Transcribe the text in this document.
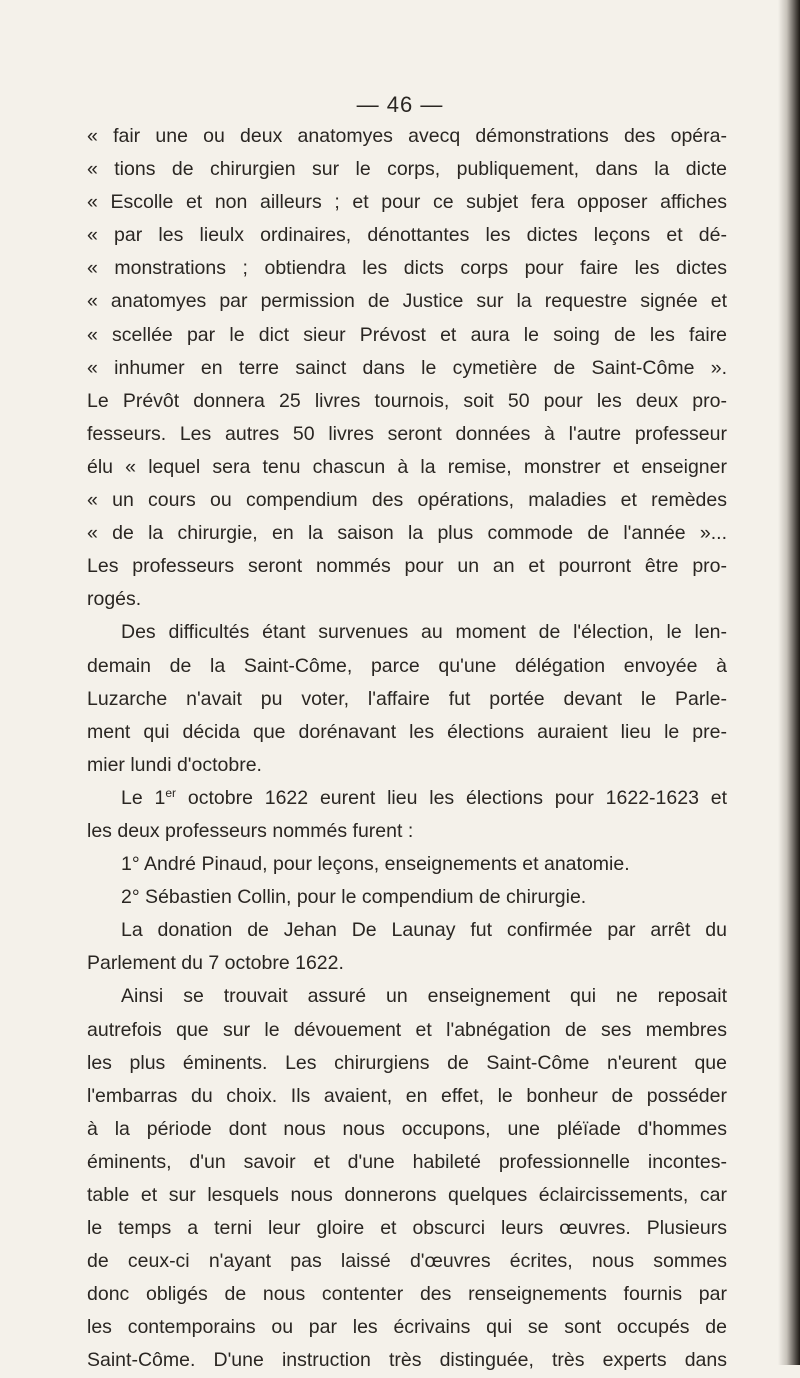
— 46 —
« fair une ou deux anatomyes avecq démonstrations des opéra-
« tions de chirurgien sur le corps, publiquement, dans la dicte
« Escolle et non ailleurs ; et pour ce subjet fera opposer affiches
« par les lieulx ordinaires, dénottantes les dictes leçons et dé-
« monstrations ; obtiendra les dicts corps pour faire les dictes
« anatomyes par permission de Justice sur la requestre signée et
« scellée par le dict sieur Prévost et aura le soing de les faire
« inhumer en terre sainct dans le cymetière de Saint-Côme ».
Le Prévôt donnera 25 livres tournois, soit 50 pour les deux pro-
fesseurs. Les autres 50 livres seront données à l'autre professeur
élu « lequel sera tenu chascun à la remise, monstrer et enseigner
« un cours ou compendium des opérations, maladies et remèdes
« de la chirurgie, en la saison la plus commode de l'année »...
Les professeurs seront nommés pour un an et pourront être pro-
rogés.
Des difficultés étant survenues au moment de l'élection, le len-
demain de la Saint-Côme, parce qu'une délégation envoyée à
Luzarche n'avait pu voter, l'affaire fut portée devant le Parle-
ment qui décida que dorénavant les élections auraient lieu le pre-
mier lundi d'octobre.
Le 1er octobre 1622 eurent lieu les élections pour 1622-1623 et
les deux professeurs nommés furent :
1° André Pinaud, pour leçons, enseignements et anatomie.
2° Sébastien Collin, pour le compendium de chirurgie.
La donation de Jehan De Launay fut confirmée par arrêt du
Parlement du 7 octobre 1622.
Ainsi se trouvait assuré un enseignement qui ne reposait
autrefois que sur le dévouement et l'abnégation de ses membres
les plus éminents. Les chirurgiens de Saint-Côme n'eurent que
l'embarras du choix. Ils avaient, en effet, le bonheur de posséder
à la période dont nous nous occupons, une pléïade d'hommes
éminents, d'un savoir et d'une habileté professionnelle incontes-
table et sur lesquels nous donnerons quelques éclaircissements, car
le temps a terni leur gloire et obscurci leurs œuvres. Plusieurs
de ceux-ci n'ayant pas laissé d'œuvres écrites, nous sommes
donc obligés de nous contenter des renseignements fournis par
les contemporains ou par les écrivains qui se sont occupés de
Saint-Côme. D'une instruction très distinguée, très experts dans
